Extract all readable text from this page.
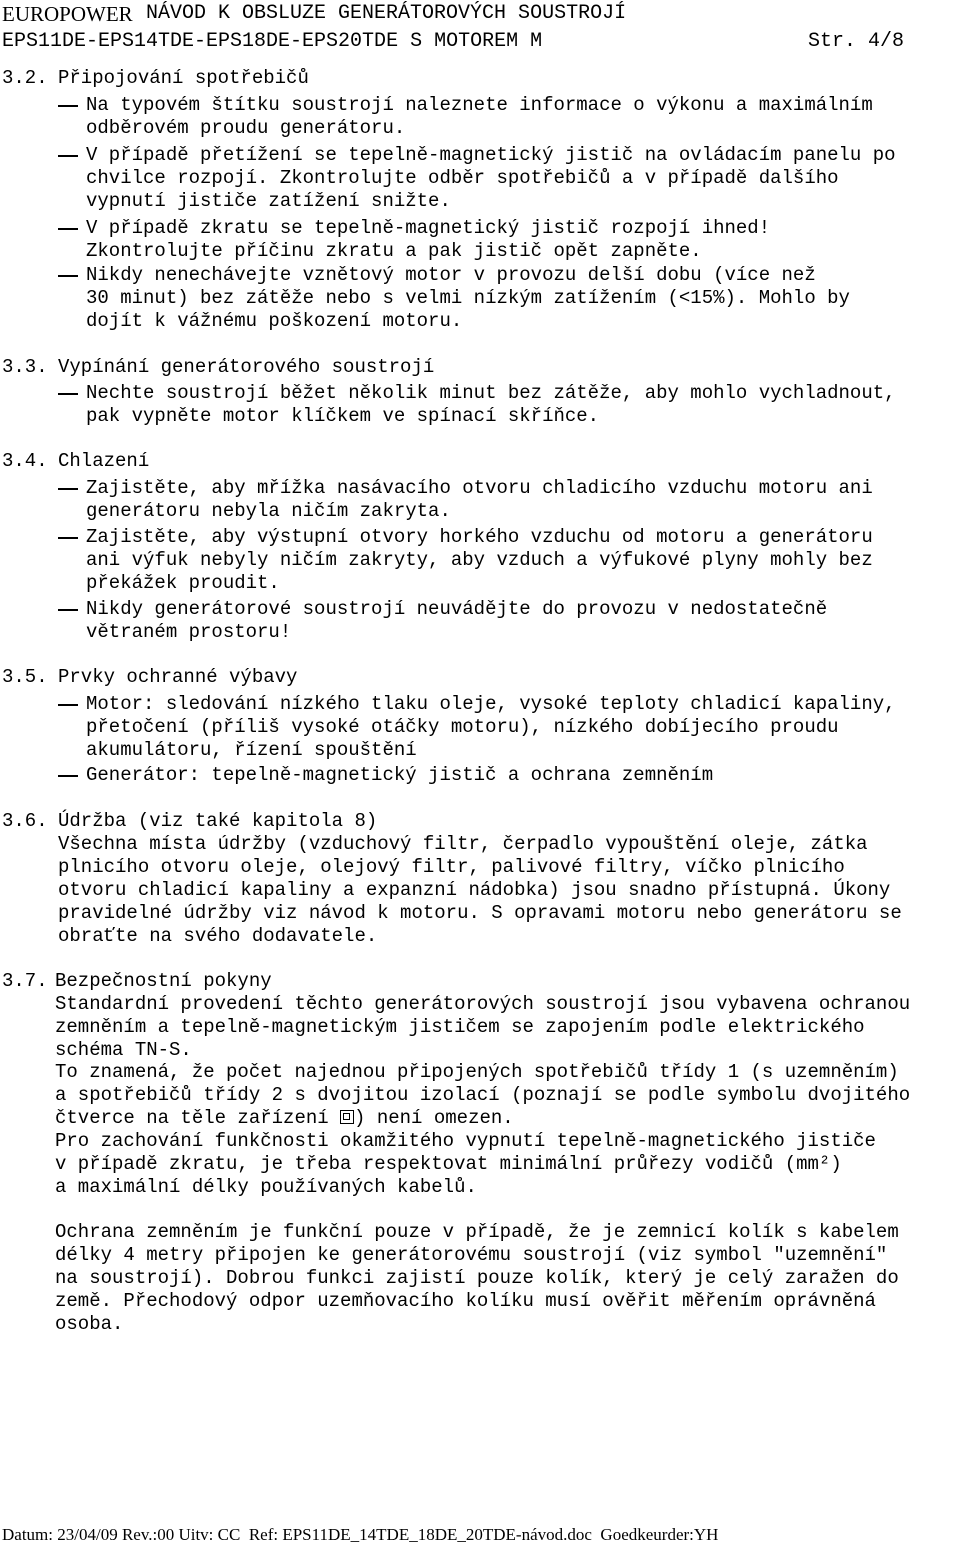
EUROPOWER NÁVOD K OBSLUZE GENERÁTOROVÝCH SOUSTROJÍ
EPS11DE-EPS14TDE-EPS18DE-EPS20TDE S MOTOREM M	Str. 4/8
3.2. Připojování spotřebičů
Na typovém štítku soustrojí naleznete informace o výkonu a maximálním
odběrovém proudu generátoru.
V případě přetížení se tepelně-magnetický jistič na ovládacím panelu po
chvilce rozpojí. Zkontrolujte odběr spotřebičů a v případě dalšího
vypnutí jističe zatížení snižte.
V případě zkratu se tepelně-magnetický jistič rozpojí ihned!
Zkontrolujte příčinu zkratu a pak jistič opět zapněte.
Nikdy nenechávejte vznětový motor v provozu delší dobu (více než
30 minut) bez zátěže nebo s velmi nízkým zatížením (<15%). Mohlo by
dojít k vážnému poškození motoru.
3.3. Vypínání generátorového soustrojí
Nechte soustrojí běžet několik minut bez zátěže, aby mohlo vychladnout,
pak vypněte motor klíčkem ve spínací skříňce.
3.4. Chlazení
Zajistěte, aby mřížka nasávacího otvoru chladicího vzduchu motoru ani
generátoru nebyla ničím zakryta.
Zajistěte, aby výstupní otvory horkého vzduchu od motoru a generátoru
ani výfuk nebyly ničím zakryty, aby vzduch a výfukové plyny mohly bez
překážek proudit.
Nikdy generátorové soustrojí neuvádějte do provozu v nedostatečně
větraném prostoru!
3.5. Prvky ochranné výbavy
Motor: sledování nízkého tlaku oleje, vysoké teploty chladicí kapaliny,
přetočení (příliš vysoké otáčky motoru), nízkého dobíjecího proudu
akumulátoru, řízení spouštění
Generátor: tepelně-magnetický jistič a ochrana zemněním
3.6. Údržba (viz také kapitola 8)
Všechna místa údržby (vzduchový filtr, čerpadlo vypouštění oleje, zátka
plnicího otvoru oleje, olejový filtr, palivové filtry, víčko plnicího
otvoru chladicí kapaliny a expanzní nádobka) jsou snadno přístupná. Úkony
pravidelné údržby viz návod k motoru. S opravami motoru nebo generátoru se
obraťte na svého dodavatele.
3.7. Bezpečnostní pokyny
Standardní provedení těchto generátorových soustrojí jsou vybavena ochranou
zemněním a tepelně-magnetickým jističem se zapojením podle elektrického
schéma TN-S.
To znamená, že počet najednou připojených spotřebičů třídy 1 (s uzemněním)
a spotřebičů třídy 2 s dvojitou izolací (poznají se podle symbolu dvojitého
čtverce na těle zařízení ) není omezen.
Pro zachování funkčnosti okamžitého vypnutí tepelně-magnetického jističe
v případě zkratu, je třeba respektovat minimální průřezy vodičů (mm²)
a maximální délky používaných kabelů.
Ochrana zemněním je funkční pouze v případě, že je zemnicí kolík s kabelem
délky 4 metry připojen ke generátorovému soustrojí (viz symbol "uzemnění"
na soustrojí). Dobrou funkci zajistí pouze kolík, který je celý zaražen do
země. Přechodový odpor uzemňovacího kolíku musí ověřit měřením oprávněná
osoba.
Datum: 23/04/09 Rev.:00 Uitv: CC  Ref: EPS11DE_14TDE_18DE_20TDE-návod.doc  Goedkeurder:YH
